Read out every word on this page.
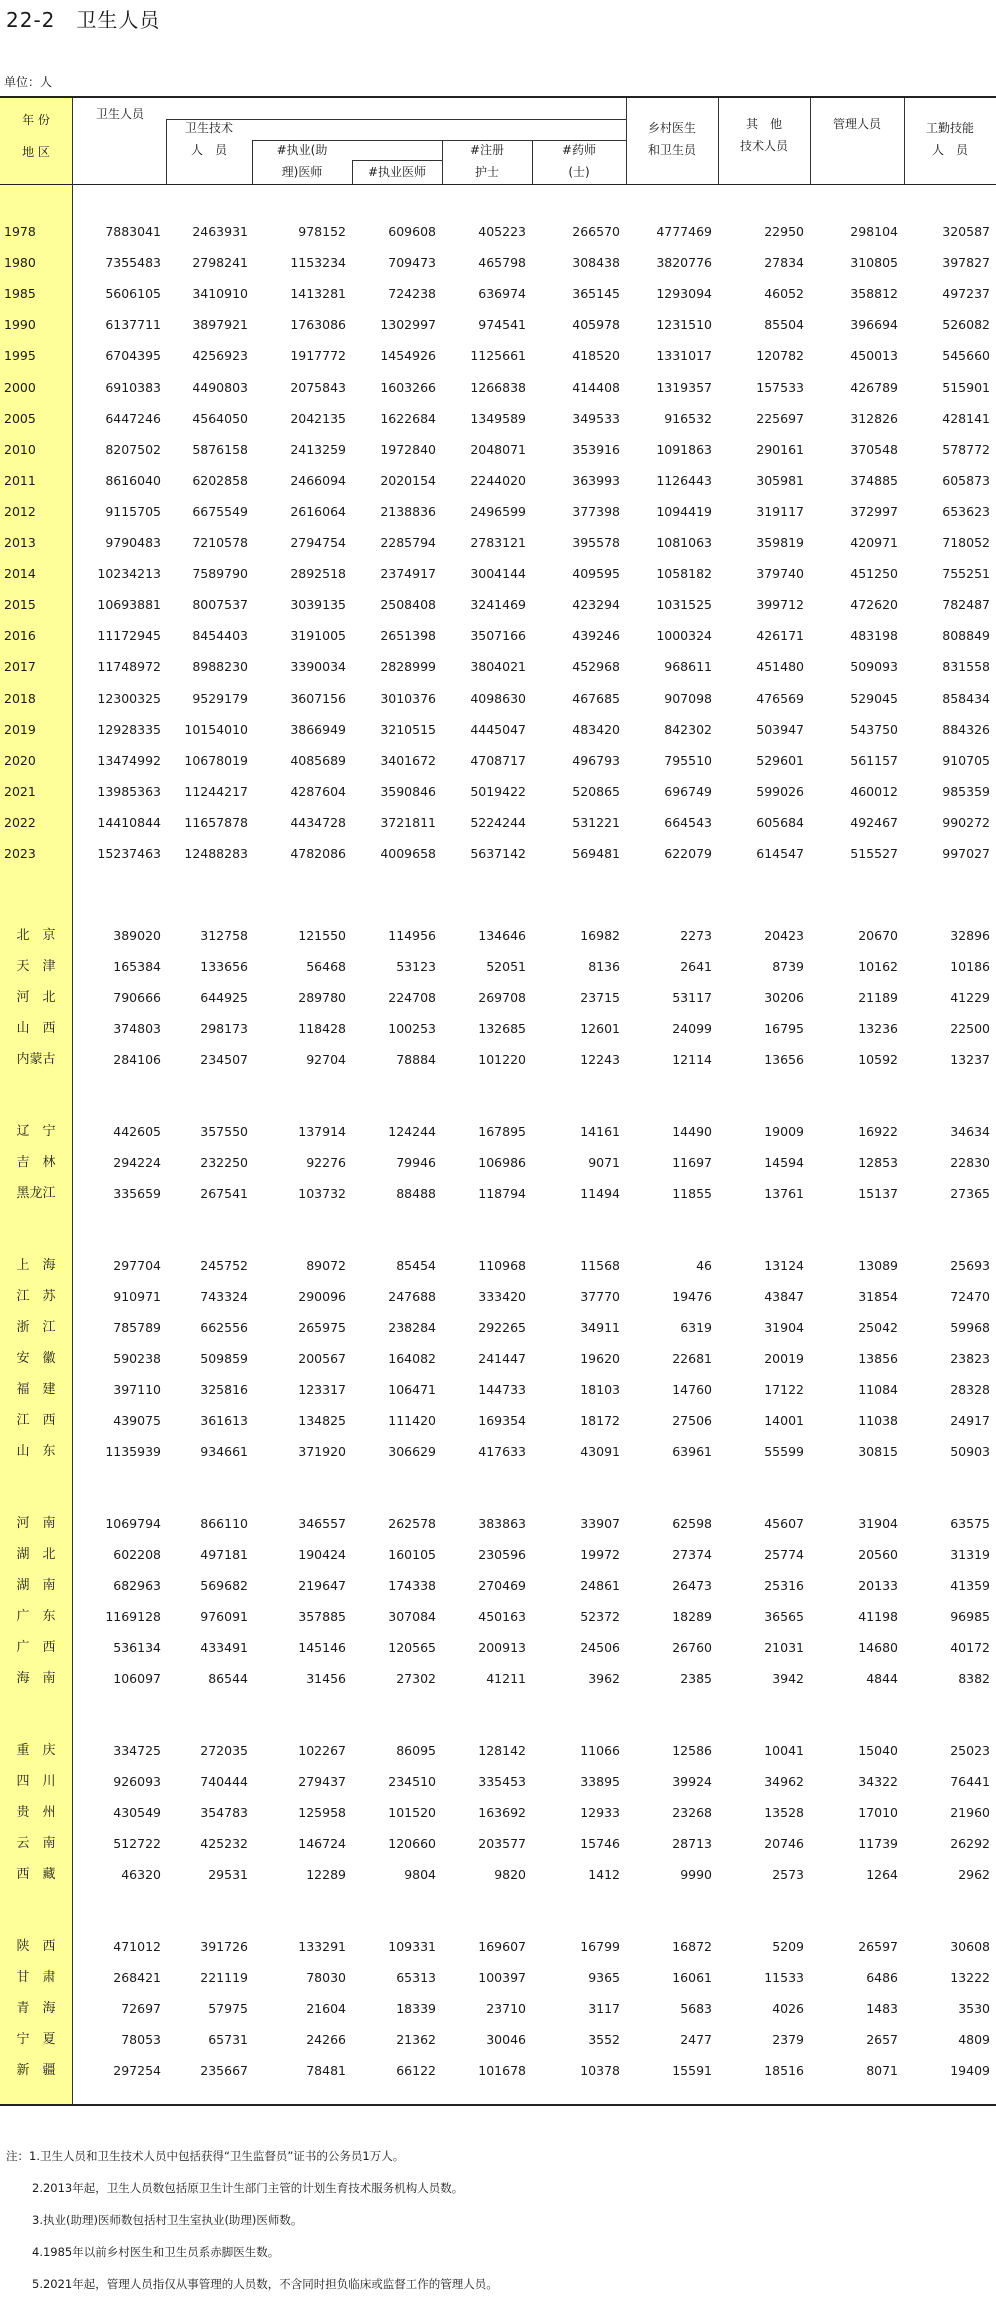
22-2　卫生人员
单位：人
年 份
地 区
卫生人员
卫生技术
人　员	#执业(助
理)医师	#执业医师
#注册
护士
#药师
(士)
乡村医生
和卫生员
其　他
技术人员
管理人员	工勤技能
人　员
1978	7883041	2463931	978152	609608	405223	266570	4777469	22950	298104	320587
1980	7355483	2798241	1153234	709473	465798	308438	3820776	27834	310805	397827
1985	5606105	3410910	1413281	724238	636974	365145	1293094	46052	358812	497237
1990	6137711	3897921	1763086	1302997	974541	405978	1231510	85504	396694	526082
1995	6704395	4256923	1917772	1454926	1125661	418520	1331017	120782	450013	545660
2000	6910383	4490803	2075843	1603266	1266838	414408	1319357	157533	426789	515901
2005	6447246	4564050	2042135	1622684	1349589	349533	916532	225697	312826	428141
2010	8207502	5876158	2413259	1972840	2048071	353916	1091863	290161	370548	578772
2011	8616040	6202858	2466094	2020154	2244020	363993	1126443	305981	374885	605873
2012	9115705	6675549	2616064	2138836	2496599	377398	1094419	319117	372997	653623
2013	9790483	7210578	2794754	2285794	2783121	395578	1081063	359819	420971	718052
2014	10234213	7589790	2892518	2374917	3004144	409595	1058182	379740	451250	755251
2015	10693881	8007537	3039135	2508408	3241469	423294	1031525	399712	472620	782487
2016	11172945	8454403	3191005	2651398	3507166	439246	1000324	426171	483198	808849
2017	11748972	8988230	3390034	2828999	3804021	452968	968611	451480	509093	831558
2018	12300325	9529179	3607156	3010376	4098630	467685	907098	476569	529045	858434
2019	12928335 10154010	3866949	3210515	4445047	483420	842302	503947	543750	884326
2020	13474992 10678019	4085689	3401672	4708717	496793	795510	529601	561157	910705
2021	13985363 11244217	4287604	3590846	5019422	520865	696749	599026	460012	985359
2022	14410844 11657878	4434728	3721811	5224244	531221	664543	605684	492467	990272
2023	15237463 12488283	4782086	4009658	5637142	569481	622079	614547	515527	997027
北　京	389020	312758	121550	114956	134646	16982	2273	20423	20670	32896
天　津	165384	133656	56468	53123	52051	8136	2641	8739	10162	10186
河　北	790666	644925	289780	224708	269708	23715	53117	30206	21189	41229
山　西	374803	298173	118428	100253	132685	12601	24099	16795	13236	22500
内蒙古	284106	234507	92704	78884	101220	12243	12114	13656	10592	13237
辽　宁	442605	357550	137914	124244	167895	14161	14490	19009	16922	34634
吉　林	294224	232250	92276	79946	106986	9071	11697	14594	12853	22830
黑龙江	335659	267541	103732	88488	118794	11494	11855	13761	15137	27365
上　海	297704	245752	89072	85454	110968	11568	46	13124	13089	25693
江　苏	910971	743324	290096	247688	333420	37770	19476	43847	31854	72470
浙　江	785789	662556	265975	238284	292265	34911	6319	31904	25042	59968
安　徽	590238	509859	200567	164082	241447	19620	22681	20019	13856	23823
福　建	397110	325816	123317	106471	144733	18103	14760	17122	11084	28328
江　西	439075	361613	134825	111420	169354	18172	27506	14001	11038	24917
山　东	1135939	934661	371920	306629	417633	43091	63961	55599	30815	50903
河　南	1069794	866110	346557	262578	383863	33907	62598	45607	31904	63575
湖　北	602208	497181	190424	160105	230596	19972	27374	25774	20560	31319
湖　南	682963	569682	219647	174338	270469	24861	26473	25316	20133	41359
广　东	1169128	976091	357885	307084	450163	52372	18289	36565	41198	96985
广　西	536134	433491	145146	120565	200913	24506	26760	21031	14680	40172
海　南	106097	86544	31456	27302	41211	3962	2385	3942	4844	8382
重　庆	334725	272035	102267	86095	128142	11066	12586	10041	15040	25023
四　川	926093	740444	279437	234510	335453	33895	39924	34962	34322	76441
贵　州	430549	354783	125958	101520	163692	12933	23268	13528	17010	21960
云　南	512722	425232	146724	120660	203577	15746	28713	20746	11739	26292
西　藏	46320	29531	12289	9804	9820	1412	9990	2573	1264	2962
陕　西	471012	391726	133291	109331	169607	16799	16872	5209	26597	30608
甘　肃	268421	221119	78030	65313	100397	9365	16061	11533	6486	13222
青　海	72697	57975	21604	18339	23710	3117	5683	4026	1483	3530
宁　夏	78053	65731	24266	21362	30046	3552	2477	2379	2657	4809
新　疆	297254	235667	78481	66122	101678	10378	15591	18516	8071	19409
注：1.卫生人员和卫生技术人员中包括获得“卫生监督员”证书的公务员1万人。
2.2013年起，卫生人员数包括原卫生计生部门主管的计划生育技术服务机构人员数。
3.执业(助理)医师数包括村卫生室执业(助理)医师数。
4.1985年以前乡村医生和卫生员系赤脚医生数。
5.2021年起，管理人员指仅从事管理的人员数，不含同时担负临床或监督工作的管理人员。
